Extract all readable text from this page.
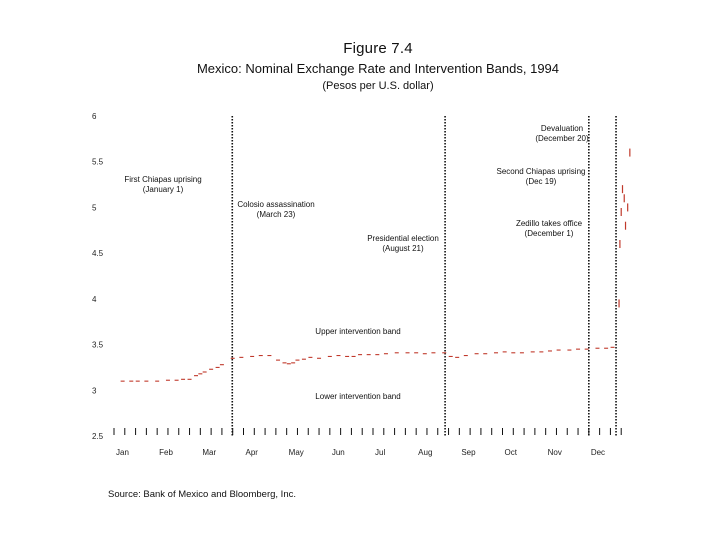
Figure 7.4
Mexico: Nominal Exchange Rate and Intervention Bands, 1994
(Pesos per U.S. dollar)
2.5
3
3.5
4
4.5
5
5.5
6
First Chiapas uprising
(January 1)
Colosio assassination
(March 23)
Presidential election
(August 21)
Zedillo takes office
(December 1)
Second Chiapas uprising
(Dec 19)
Devaluation
(December 20)
Upper intervention band
Lower intervention band
Jan	Feb	Mar	Apr	May	Jun	Jul	Aug	Sep	Oct	Nov	Dec
Source: Bank of Mexico and Bloomberg, Inc.
